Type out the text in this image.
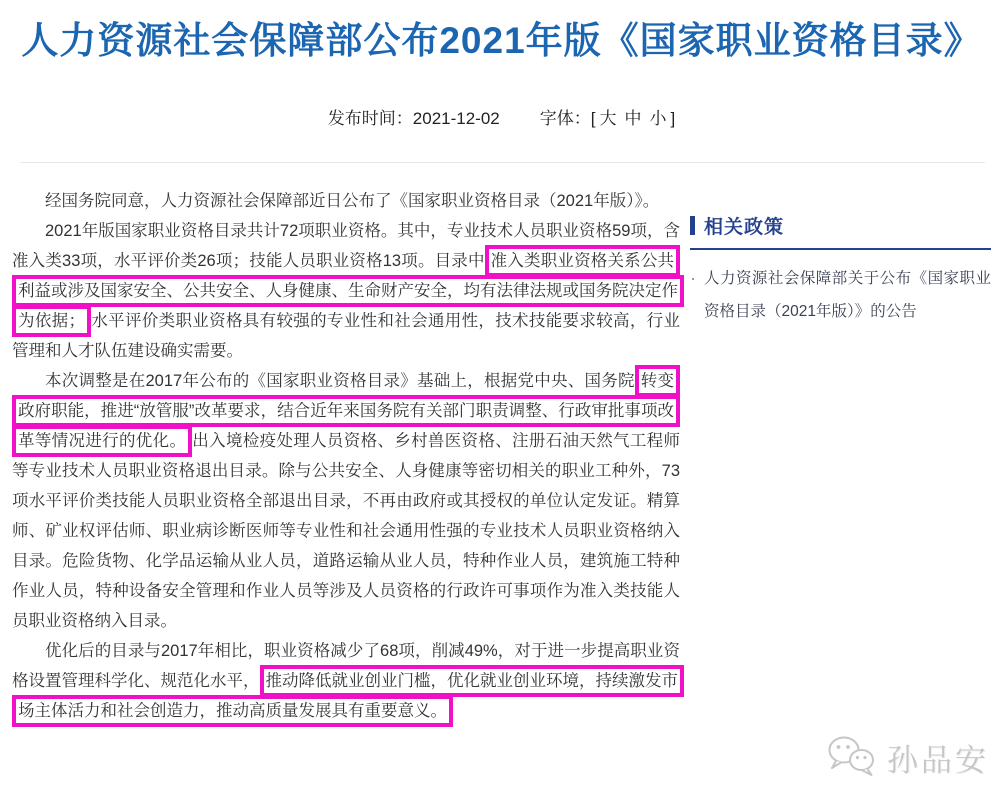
人力资源社会保障部公布2021年版《国家职业资格目录》
发布时间：2021-12-02 字体：[ 大 中 小 ]

经国务院同意，人力资源社会保障部近日公布了《国家职业资格目录（2021年版）》。

2021年版国家职业资格目录共计72项职业资格。其中，专业技术人员职业资格59项，含准入类33项，水平评价类26项；技能人员职业资格13项。目录中 准入类职业资格关系公共利益或涉及国家安全、公共安全、人身健康、生命财产安全，均有法律法规或国务院决定作为依据； 水平评价类职业资格具有较强的专业性和社会通用性，技术技能要求较高，行业管理和人才队伍建设确实需要。

本次调整是在2017年公布的《国家职业资格目录》基础上，根据党中央、国务院 转变政府职能，推进“放管服”改革要求，结合近年来国务院有关部门职责调整、行政审批事项改革等情况进行的优化。 出入境检疫处理人员资格、乡村兽医资格、注册石油天然气工程师等专业技术人员职业资格退出目录。除与公共安全、人身健康等密切相关的职业工种外，73项水平评价类技能人员职业资格全部退出目录，不再由政府或其授权的单位认定发证。精算师、矿业权评估师、职业病诊断医师等专业性和社会通用性强的专业技术人员职业资格纳入目录。危险货物、化学品运输从业人员，道路运输从业人员，特种作业人员，建筑施工特种作业人员，特种设备安全管理和作业人员等涉及人员资格的行政许可事项作为准入类技能人员职业资格纳入目录。

优化后的目录与2017年相比，职业资格减少了68项，削减49%，对于进一步提高职业资格设置管理科学化、规范化水平， 推动降低就业创业门槛，优化就业创业环境，持续激发市场主体活力和社会创造力，推动高质量发展具有重要意义。

相关政策
· 人力资源社会保障部关于公布《国家职业资格目录（2021年版）》的公告
孙品安
